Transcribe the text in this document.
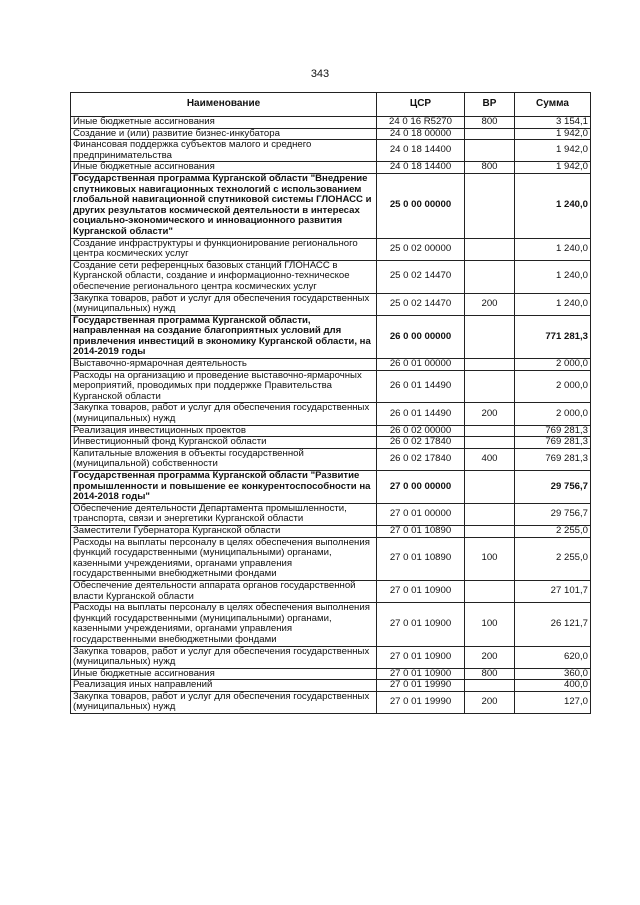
343
Наименование	ЦСР	ВР	Сумма
Иные бюджетные ассигнования	24 0 16 R5270	800	3 154,1
Создание и (или) развитие бизнес-инкубатора	24 0 18 00000		1 942,0
Финансовая поддержка субъектов малого и среднего предпринимательства	24 0 18 14400		1 942,0
Иные бюджетные ассигнования	24 0 18 14400	800	1 942,0
Государственная программа Курганской области "Внедрение спутниковых навигационных технологий с использованием глобальной навигационной спутниковой системы ГЛОНАСС и других результатов космической деятельности в интересах социально-экономического и инновационного развития Курганской области"	25 0 00 00000		1 240,0
Создание инфраструктуры и функционирование регионального центра космических услуг	25 0 02 00000		1 240,0
Создание сети референцных базовых станций ГЛОНАСС в Курганской области, создание и информационно-техническое обеспечение регионального центра космических услуг	25 0 02 14470		1 240,0
Закупка товаров, работ и услуг для обеспечения государственных (муниципальных) нужд	25 0 02 14470	200	1 240,0
Государственная программа Курганской области, направленная на создание благоприятных условий для привлечения инвестиций в экономику Курганской области, на 2014-2019 годы	26 0 00 00000		771 281,3
Выставочно-ярмарочная деятельность	26 0 01 00000		2 000,0
Расходы на организацию и проведение выставочно-ярмарочных мероприятий, проводимых при поддержке Правительства Курганской области	26 0 01 14490		2 000,0
Закупка товаров, работ и услуг для обеспечения государственных (муниципальных) нужд	26 0 01 14490	200	2 000,0
Реализация инвестиционных проектов	26 0 02 00000		769 281,3
Инвестиционный фонд Курганской области	26 0 02 17840		769 281,3
Капитальные вложения в объекты государственной (муниципальной) собственности	26 0 02 17840	400	769 281,3
Государственная программа Курганской области "Развитие промышленности и повышение ее конкурентоспособности на 2014-2018 годы"	27 0 00 00000		29 756,7
Обеспечение деятельности Департамента промышленности, транспорта, связи и энергетики Курганской области	27 0 01 00000		29 756,7
Заместители Губернатора Курганской области	27 0 01 10890		2 255,0
Расходы на выплаты персоналу в целях обеспечения выполнения функций государственными (муниципальными) органами, казенными учреждениями, органами управления государственными внебюджетными фондами	27 0 01 10890	100	2 255,0
Обеспечение деятельности аппарата органов государственной власти Курганской области	27 0 01 10900		27 101,7
Расходы на выплаты персоналу в целях обеспечения выполнения функций государственными (муниципальными) органами, казенными учреждениями, органами управления государственными внебюджетными фондами	27 0 01 10900	100	26 121,7
Закупка товаров, работ и услуг для обеспечения государственных (муниципальных) нужд	27 0 01 10900	200	620,0
Иные бюджетные ассигнования	27 0 01 10900	800	360,0
Реализация иных направлений	27 0 01 19990		400,0
Закупка товаров, работ и услуг для обеспечения государственных (муниципальных) нужд	27 0 01 19990	200	127,0
